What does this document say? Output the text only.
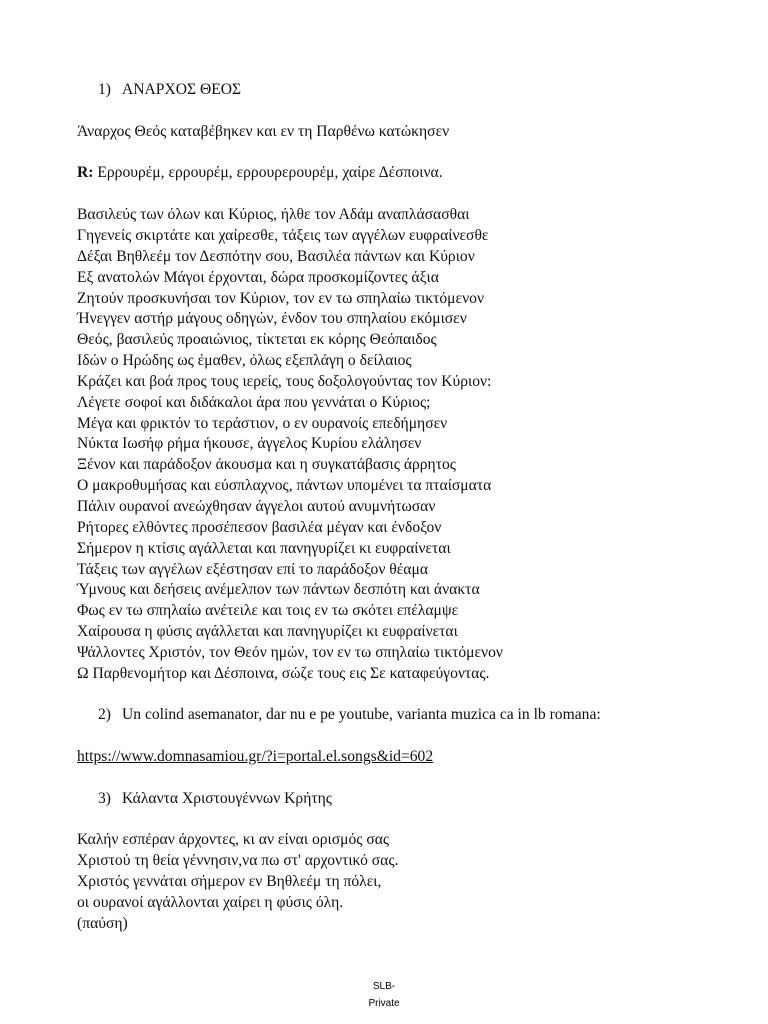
1) ΑΝΑΡΧΟΣ ΘΕΟΣ
Άναρχος Θεός καταβέβηκεν και εν τη Παρθένω κατώκησεν
R: Ερρουρέμ, ερρουρέμ, ερρουρερουρέμ, χαίρε Δέσποινα.
Βασιλεύς των όλων και Κύριος, ήλθε τον Αδάμ αναπλάσασθαι
Γηγενείς σκιρτάτε και χαίρεσθε, τάξεις των αγγέλων ευφραίνεσθε
Δέξαι Βηθλεέμ τον Δεσπότην σου, Βασιλέα πάντων και Κύριον
Εξ ανατολών Μάγοι έρχονται, δώρα προσκομίζοντες άξια
Ζητούν προσκυνήσαι τον Κύριον, τον εν τω σπηλαίω τικτόμενον
Ήνεγγεν αστήρ μάγους οδηγών, ένδον του σπηλαίου εκόμισεν
Θεός, βασιλεύς προαιώνιος, τίκτεται εκ κόρης Θεόπαιδος
Ιδών ο Ηρώδης ως έμαθεν, όλως εξεπλάγη ο δείλαιος
Κράζει και βοά προς τους ιερείς, τους δοξολογούντας τον Κύριον:
Λέγετε σοφοί και διδάκαλοι άρα που γεννάται ο Κύριος;
Μέγα και φρικτόν το τεράστιον, ο εν ουρανοίς επεδήμησεν
Νύκτα Ιωσήφ ρήμα ήκουσε, άγγελος Κυρίου ελάλησεν
Ξένον και παράδοξον άκουσμα και η συγκατάβασις άρρητος
Ο μακροθυμήσας και εύσπλαχνος, πάντων υπομένει τα πταίσματα
Πάλιν ουρανοί ανεώχθησαν άγγελοι αυτού ανυμνήτωσαν
Ρήτορες ελθόντες προσέπεσον βασιλέα μέγαν και ένδοξον
Σήμερον η κτίσις αγάλλεται και πανηγυρίζει κι ευφραίνεται
Τάξεις των αγγέλων εξέστησαν επί το παράδοξον θέαμα
Ύμνους και δεήσεις ανέμελπον των πάντων δεσπότη και άνακτα
Φως εν τω σπηλαίω ανέτειλε και τοις εν τω σκότει επέλαμψε
Χαίρουσα η φύσις αγάλλεται και πανηγυρίζει κι ευφραίνεται
Ψάλλοντες Χριστόν, τον Θεόν ημών, τον εν τω σπηλαίω τικτόμενον
Ω Παρθενομήτορ και Δέσποινα, σώζε τους εις Σε καταφεύγοντας.
2) Un colind asemanator, dar nu e pe youtube, varianta muzica ca in lb romana:
https://www.domnasamiou.gr/?i=portal.el.songs&id=602
3) Κάλαντα Χριστουγέννων Κρήτης
Καλήν εσπέραν άρχοντες, κι αν είναι ορισμός σας
Χριστού τη θεία γέννησιν,να πω στ' αρχοντικό σας.
Χριστός γεννάται σήμερον εν Βηθλεέμ τη πόλει,
οι ουρανοί αγάλλονται χαίρει η φύσις όλη.
(παύση)
SLB-
Private
